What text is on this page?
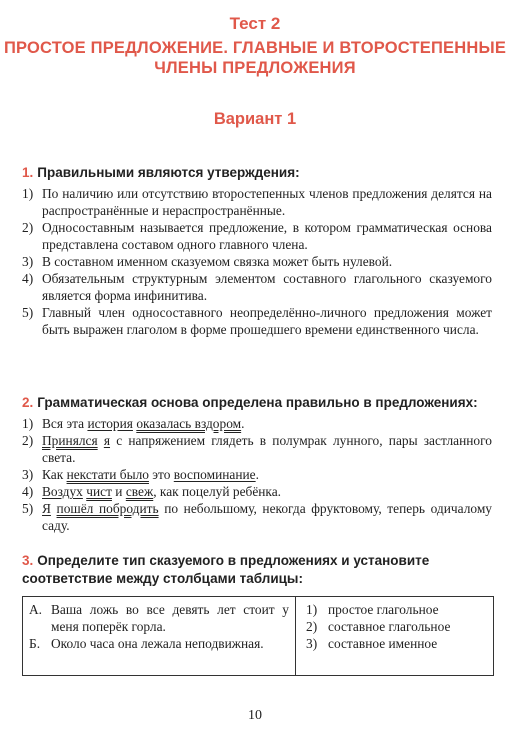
Тест 2
ПРОСТОЕ ПРЕДЛОЖЕНИЕ. ГЛАВНЫЕ И ВТОРОСТЕПЕННЫЕ
ЧЛЕНЫ ПРЕДЛОЖЕНИЯ
Вариант 1
1. Правильными являются утверждения:
1) По наличию или отсутствию второстепенных членов предложения делятся на распространённые и нераспространённые.
2) Односоставным называется предложение, в котором грамматическая основа представлена составом одного главного члена.
3) В составном именном сказуемом связка может быть нулевой.
4) Обязательным структурным элементом составного глагольного сказуемого является форма инфинитива.
5) Главный член односоставного неопределённо-личного предложения может быть выражен глаголом в форме прошедшего времени единственного числа.
2. Грамматическая основа определена правильно в предложениях:
1) Вся эта история оказалась вздором.
2) Принялся я с напряжением глядеть в полумрак лунного, пары застланного света.
3) Как некстати было это воспоминание.
4) Воздух чист и свеж, как поцелуй ребёнка.
5) Я пошёл побродить по небольшому, некогда фруктовому, теперь одичалому саду.
3. Определите тип сказуемого в предложениях и установите соответствие между столбцами таблицы:
А. Ваша ложь во все девять лет стоит у меня поперёк горла.
Б. Около часа она лежала неподвижная.
1) простое глагольное
2) составное глагольное
3) составное именное
10
